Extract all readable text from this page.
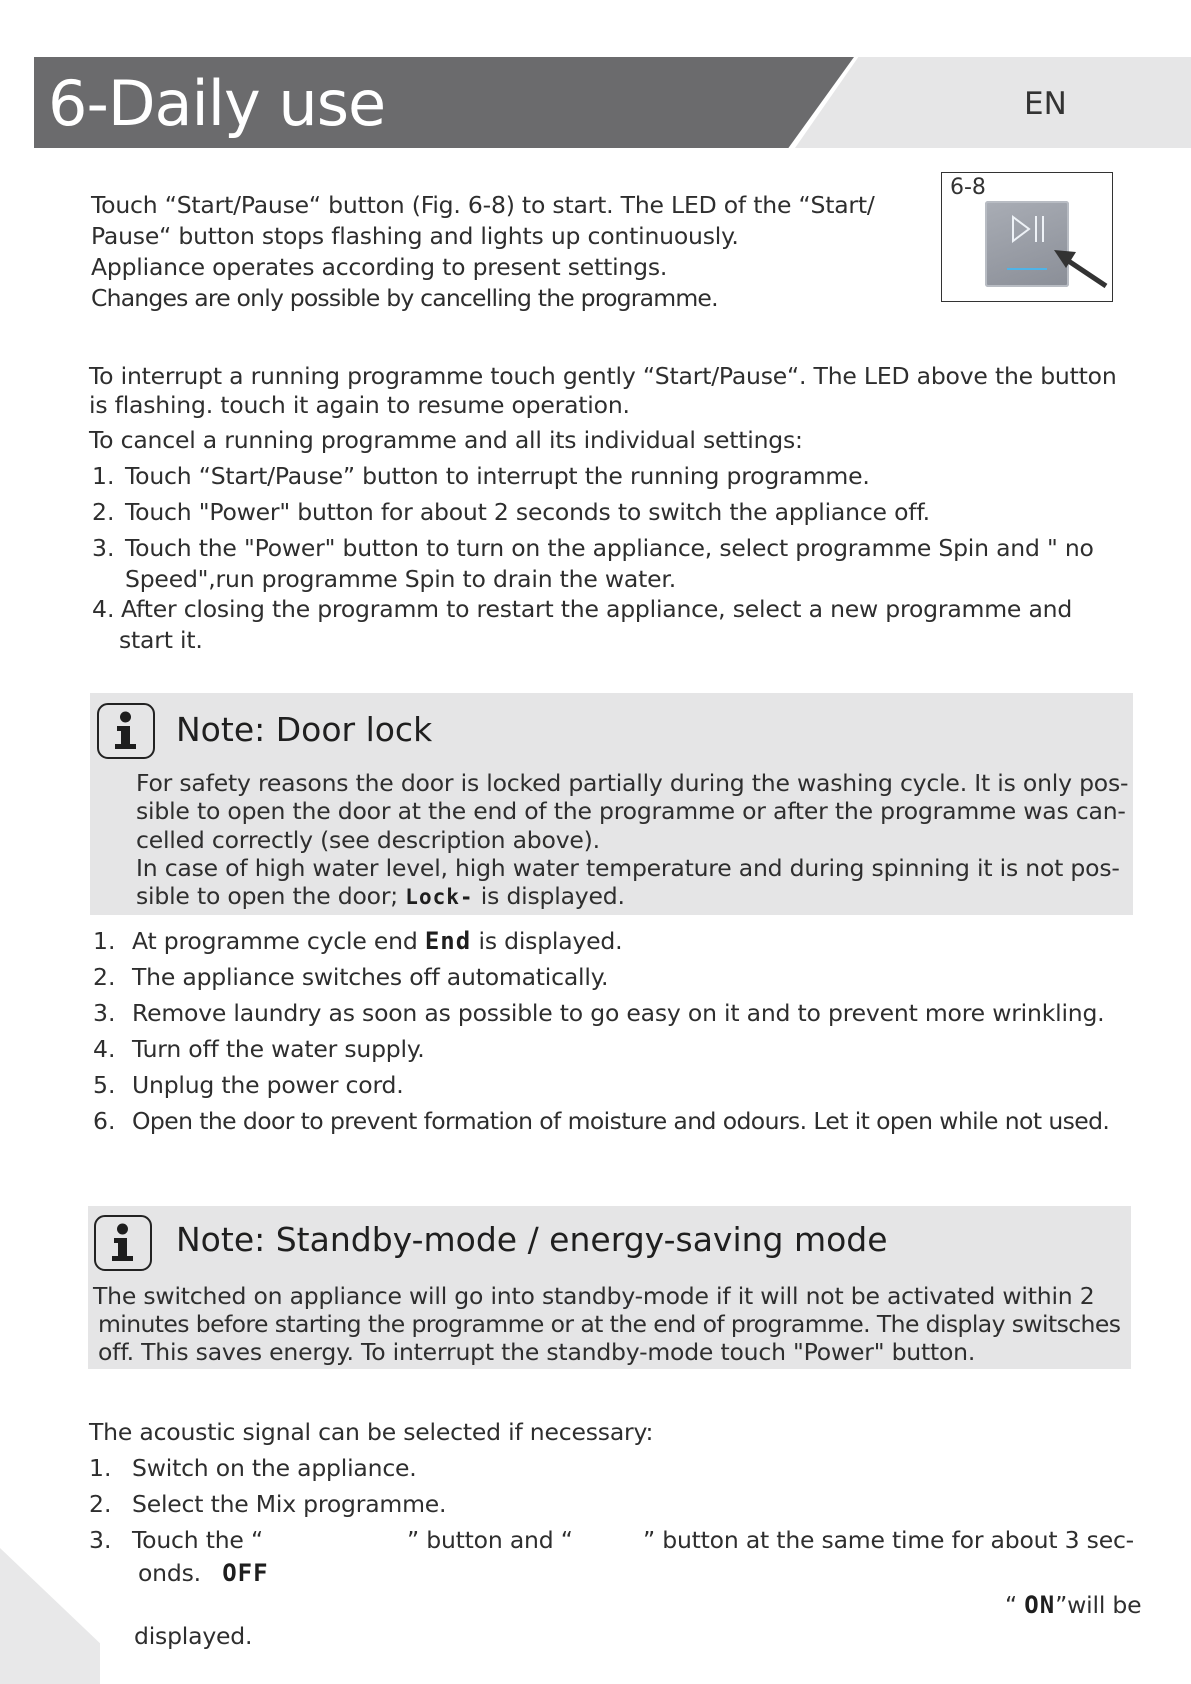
6-Daily use	EN
Touch “Start/Pause“ button (Fig. 6-8) to start. The LED of the “Start/
Pause“ button stops flashing and lights up continuously.
Appliance operates according to present settings.
Changes are only possible by cancelling the programme.
6-8
To interrupt a running programme touch gently “Start/Pause“. The LED above the button
is flashing. touch it again to resume operation.
To cancel a running programme and all its individual settings:
1. Touch “Start/Pause” button to interrupt the running programme.
2. Touch "Power" button for about 2 seconds to switch the appliance off.
3. Touch the "Power" button to turn on the appliance, select programme Spin and " no
Speed",run programme Spin to drain the water.
4. After closing the programm to restart the appliance, select a new programme and
start it.
Note: Door lock
For safety reasons the door is locked partially during the washing cycle. It is only pos-
sible to open the door at the end of the programme or after the programme was can-
celled correctly (see description above).
In case of high water level, high water temperature and during spinning it is not pos-
sible to open the door; Lock- is displayed.
1. At programme cycle end End is displayed.
2. The appliance switches off automatically.
3. Remove laundry as soon as possible to go easy on it and to prevent more wrinkling.
4. Turn off the water supply.
5. Unplug the power cord.
6. Open the door to prevent formation of moisture and odours. Let it open while not used.
Note: Standby-mode / energy-saving mode
The switched on appliance will go into standby-mode if it will not be activated within 2
minutes before starting the programme or at the end of programme. The display switsches
off. This saves energy. To interrupt the standby-mode touch "Power" button.
The acoustic signal can be selected if necessary:
1. Switch on the appliance.
2. Select the Mix programme.
3. Touch the “	” button and “	” button at the same time for about 3 sec-
onds. OFF
“ ON”will be
displayed.
